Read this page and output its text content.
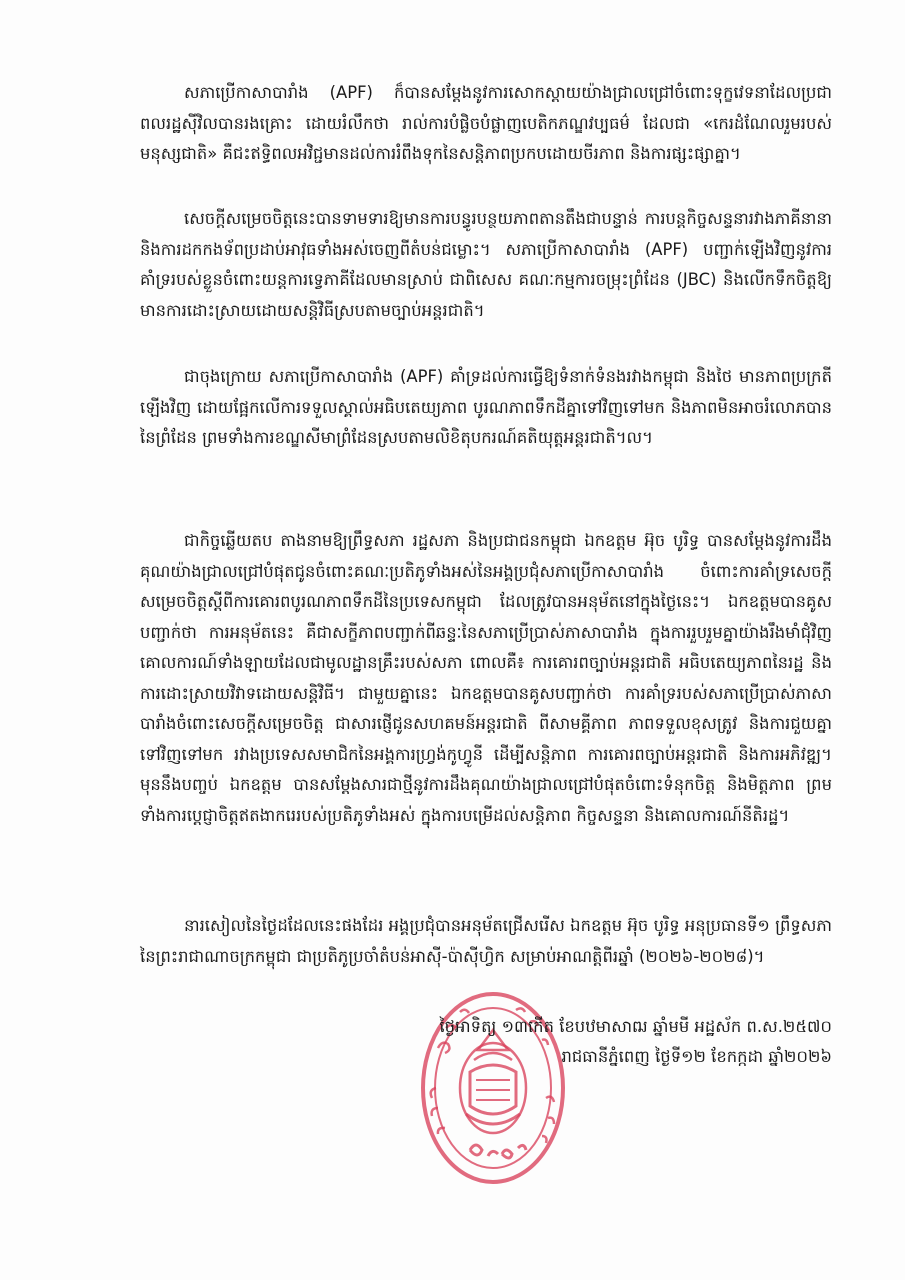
សភាប្រើកាសាបារាំង (APF) ក៏បានសម្តែងនូវការសោកស្តាយយ៉ាងជ្រាលជ្រៅចំពោះទុក្ខវេទនាដែលប្រជាពលរដ្ឋស៊ីវិលបានរងគ្រោះ ដោយរំលឹកថា រាល់ការបំផ្លិចបំផ្លាញបេតិកភណ្ឌវប្បធម៌ ដែលជា «កេរដំណែលរួមរបស់មនុស្សជាតិ» គឺជះឥទ្ធិពលអវិជ្ជមានដល់ការរំពឹងទុកនៃសន្តិភាពប្រកបដោយចីរភាព និងការផ្សះផ្សាគ្នា។

សេចក្តីសម្រេចចិត្តនេះបានទាមទារឱ្យមានការបន្ធូរបន្ថយភាពតានតឹងជាបន្ទាន់ ការបន្តកិច្ចសន្ទនារវាងភាគីនានា និងការដកកងទ័ពប្រដាប់អាវុធទាំងអស់ចេញពីតំបន់ជម្លោះ។ សភាប្រើកាសាបារាំង (APF) បញ្ជាក់ឡើងវិញនូវការគាំទ្ររបស់ខ្លួនចំពោះយន្តការទ្វេភាគីដែលមានស្រាប់ ជាពិសេស គណៈកម្មការចម្រុះព្រំដែន (JBC) និងលើកទឹកចិត្តឱ្យមានការដោះស្រាយដោយសន្តិវិធីស្របតាមច្បាប់អន្តរជាតិ។

ជាចុងក្រោយ សភាប្រើកាសាបារាំង (APF) គាំទ្រដល់ការធ្វើឱ្យទំនាក់ទំនងរវាងកម្ពុជា និងថៃ មានភាពប្រក្រតីឡើងវិញ ដោយផ្អែកលើការទទួលស្គាល់អធិបតេយ្យភាព បូរណភាពទឹកដីគ្នាទៅវិញទៅមក និងភាពមិនអាចរំលោភបាននៃព្រំដែន ព្រមទាំងការខណ្ឌសីមាព្រំដែនស្របតាមលិខិតុបករណ៍គតិយុត្តអន្តរជាតិ។ល។

ជាកិច្ចឆ្លើយតប តាងនាមឱ្យព្រឹទ្ធសភា រដ្ឋសភា និងប្រជាជនកម្ពុជា ឯកឧត្តម អ៊ុច បូរិទ្ធ បានសម្តែងនូវការដឹងគុណយ៉ាងជ្រាលជ្រៅបំផុតជូនចំពោះគណៈប្រតិភូទាំងអស់នៃអង្គប្រជុំសភាប្រើកាសាបារាំង ចំពោះការគាំទ្រសេចក្តីសម្រេចចិត្តស្តីពីការគោរពបូរណភាពទឹកដីនៃប្រទេសកម្ពុជា ដែលត្រូវបានអនុម័តនៅក្នុងថ្ងៃនេះ។ ឯកឧត្តមបានគូសបញ្ជាក់ថា ការអនុម័តនេះ គឺជាសក្ខីភាពបញ្ជាក់ពីឆន្ទៈនៃសភាប្រើប្រាស់ភាសាបារាំង ក្នុងការរួបរួមគ្នាយ៉ាងរឹងមាំជុំវិញគោលការណ៍ទាំងឡាយដែលជាមូលដ្ឋានគ្រឹះរបស់សភា ពោលគឺ៖ ការគោរពច្បាប់អន្តរជាតិ អធិបតេយ្យភាពនៃរដ្ឋ និងការដោះស្រាយវិវាទដោយសន្តិវិធី។ ជាមួយគ្នានេះ ឯកឧត្តមបានគូសបញ្ជាក់ថា ការគាំទ្ររបស់សភាប្រើប្រាស់ភាសាបារាំងចំពោះសេចក្តីសម្រេចចិត្ត ជាសារផ្ញើជូនសហគមន៍អន្តរជាតិ ពីសាមគ្គីភាព ភាពទទួលខុសត្រូវ និងការជួយគ្នាទៅវិញទៅមក រវាងប្រទេសសមាជិកនៃអង្គការហ្វ្រង់កូហ្វូនី ដើម្បីសន្តិភាព ការគោរពច្បាប់អន្តរជាតិ និងការអភិវឌ្ឍ។ មុននឹងបញ្ចប់ ឯកឧត្តម បានសម្តែងសារជាថ្មីនូវការដឹងគុណយ៉ាងជ្រាលជ្រៅបំផុតចំពោះទំនុកចិត្ត និងមិត្តភាព ព្រមទាំងការប្តេជ្ញាចិត្តឥតងាករេរបស់ប្រតិភូទាំងអស់ ក្នុងការបម្រើដល់សន្តិភាព កិច្ចសន្ទនា និងគោលការណ៍នីតិរដ្ឋ។

នារសៀលនៃថ្ងៃដដែលនេះផងដែរ អង្គប្រជុំបានអនុម័តជ្រើសរើស ឯកឧត្តម អ៊ុច បូរិទ្ធ អនុប្រធានទី១ ព្រឹទ្ធសភានៃព្រះរាជាណាចក្រកម្ពុជា ជាប្រតិភូប្រចាំតំបន់អាស៊ី-ប៉ាស៊ីហ្វិក សម្រាប់អាណត្តិពីរឆ្នាំ (២០២៦-២០២៨)។

ថ្ងៃអាទិត្យ ១៣កើត ខែបឋមាសាឍ ឆ្នាំមមី អដ្ឋស័ក ព.ស.២៥៧០

រាជធានីភ្នំពេញ ថ្ងៃទី១២ ខែកក្កដា ឆ្នាំ២០២៦
